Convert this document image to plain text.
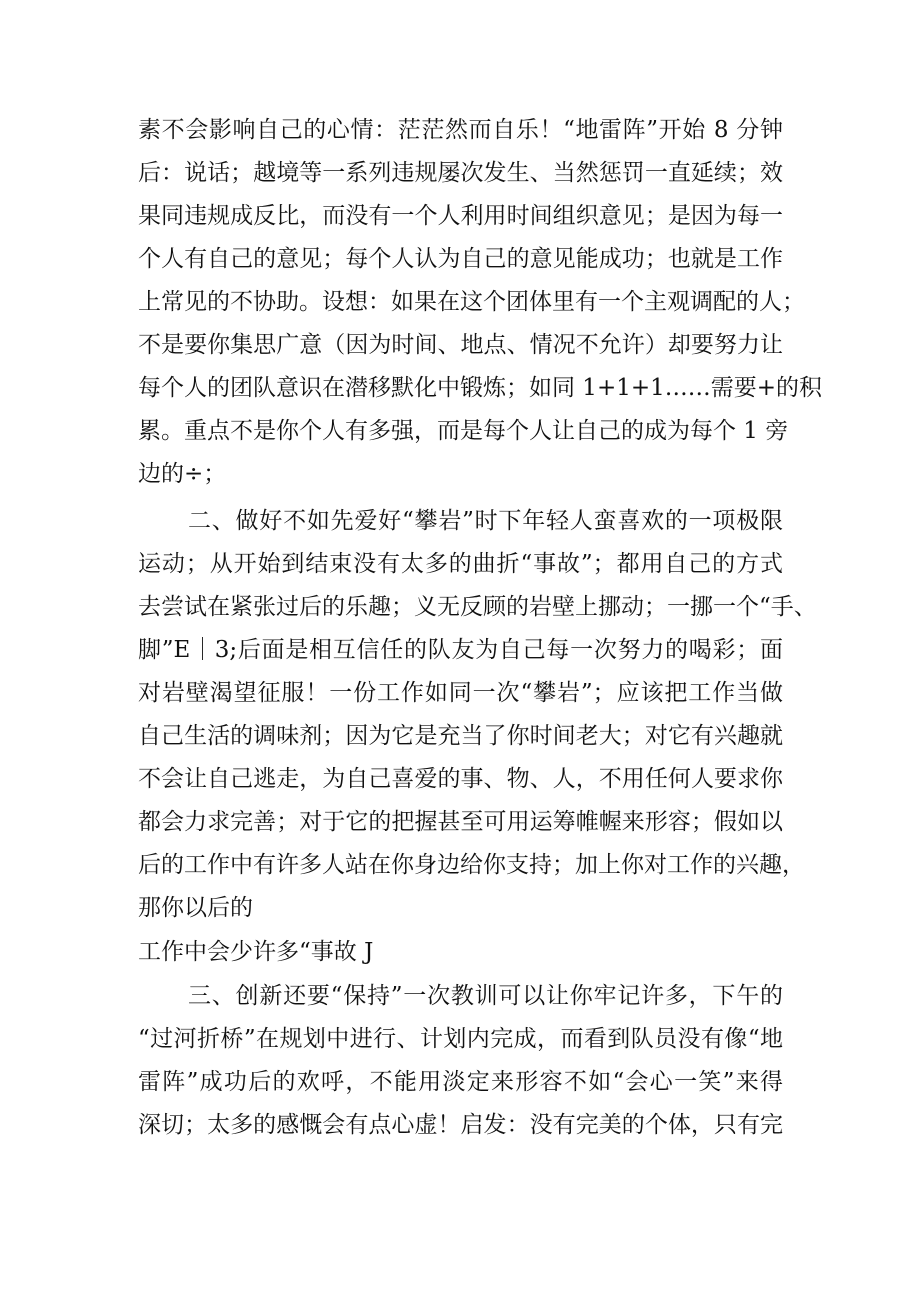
素不会影响自己的心情：茫茫然而自乐！“地雷阵”开始 8 分钟
后：说话；越境等一系列违规屡次发生、当然惩罚一直延续；效
果同违规成反比，而没有一个人利用时间组织意见；是因为每一
个人有自己的意见；每个人认为自己的意见能成功；也就是工作
上常见的不协助。设想：如果在这个团体里有一个主观调配的人；
不是要你集思广意（因为时间、地点、情况不允许）却要努力让
每个人的团队意识在潜移默化中锻炼；如同 1+1+1……需要+的积
累。重点不是你个人有多强，而是每个人让自己的成为每个 1 旁
边的÷；
二、做好不如先爱好“攀岩”时下年轻人蛮喜欢的一项极限
运动；从开始到结束没有太多的曲折“事故”；都用自己的方式
去尝试在紧张过后的乐趣；义无反顾的岩壁上挪动；一挪一个“手、
脚”E｜3;后面是相互信任的队友为自己每一次努力的喝彩；面
对岩壁渴望征服！一份工作如同一次“攀岩”；应该把工作当做
自己生活的调味剂；因为它是充当了你时间老大；对它有兴趣就
不会让自己逃走，为自己喜爱的事、物、人，不用任何人要求你
都会力求完善；对于它的把握甚至可用运筹帷幄来形容；假如以
后的工作中有许多人站在你身边给你支持；加上你对工作的兴趣，
那你以后的
工作中会少许多“事故 J
三、创新还要“保持”一次教训可以让你牢记许多，下午的
“过河折桥”在规划中进行、计划内完成，而看到队员没有像“地
雷阵”成功后的欢呼，不能用淡定来形容不如“会心一笑”来得
深切；太多的感慨会有点心虚！启发：没有完美的个体，只有完
